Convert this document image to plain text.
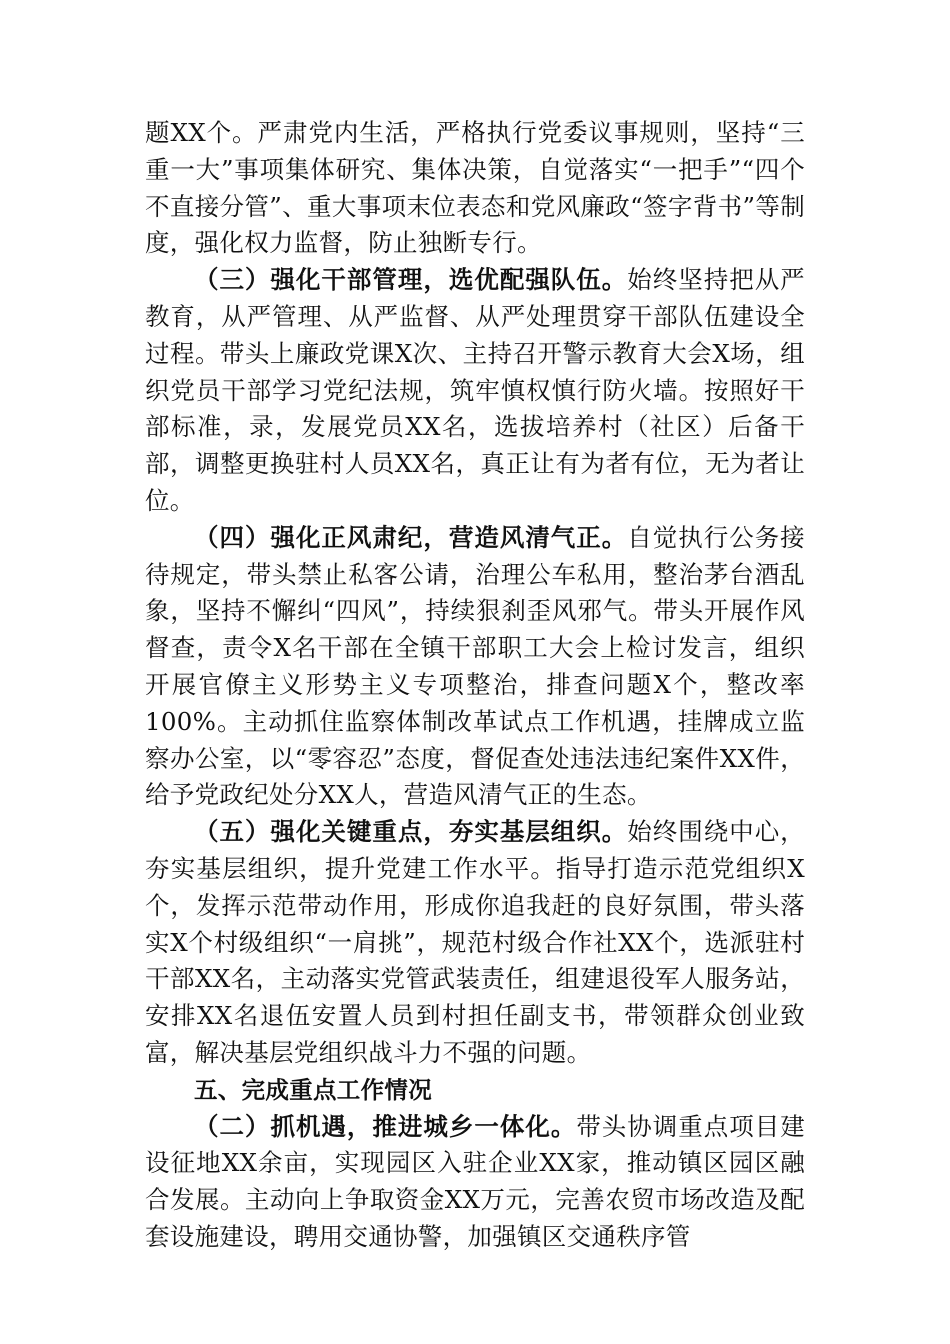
题XX个。严肃党内生活，严格执行党委议事规则，坚持“三重一大”事项集体研究、集体决策，自觉落实“一把手”“四个不直接分管”、重大事项末位表态和党风廉政“签字背书”等制度，强化权力监督，防止独断专行。

（三）强化干部管理，选优配强队伍。始终坚持把从严教育，从严管理、从严监督、从严处理贯穿干部队伍建设全过程。带头上廉政党课X次、主持召开警示教育大会X场，组织党员干部学习党纪法规，筑牢慎权慎行防火墙。按照好干部标准，录，发展党员XX名，选拔培养村（社区）后备干部，调整更换驻村人员XX名，真正让有为者有位，无为者让位。

（四）强化正风肃纪，营造风清气正。自觉执行公务接待规定，带头禁止私客公请，治理公车私用，整治茅台酒乱象，坚持不懈纠“四风”，持续狠刹歪风邪气。带头开展作风督查，责令X名干部在全镇干部职工大会上检讨发言，组织开展官僚主义形势主义专项整治，排查问题X个，整改率100%。主动抓住监察体制改革试点工作机遇，挂牌成立监察办公室，以“零容忍”态度，督促查处违法违纪案件XX件，给予党政纪处分XX人，营造风清气正的生态。

（五）强化关键重点，夯实基层组织。始终围绕中心，夯实基层组织，提升党建工作水平。指导打造示范党组织X个，发挥示范带动作用，形成你追我赶的良好氛围，带头落实X个村级组织“一肩挑”，规范村级合作社XX个，选派驻村干部XX名，主动落实党管武装责任，组建退役军人服务站，安排XX名退伍安置人员到村担任副支书，带领群众创业致富，解决基层党组织战斗力不强的问题。

五、完成重点工作情况

（二）抓机遇，推进城乡一体化。带头协调重点项目建设征地XX余亩，实现园区入驻企业XX家，推动镇区园区融合发展。主动向上争取资金XX万元，完善农贸市场改造及配套设施建设，聘用交通协警，加强镇区交通秩序管
